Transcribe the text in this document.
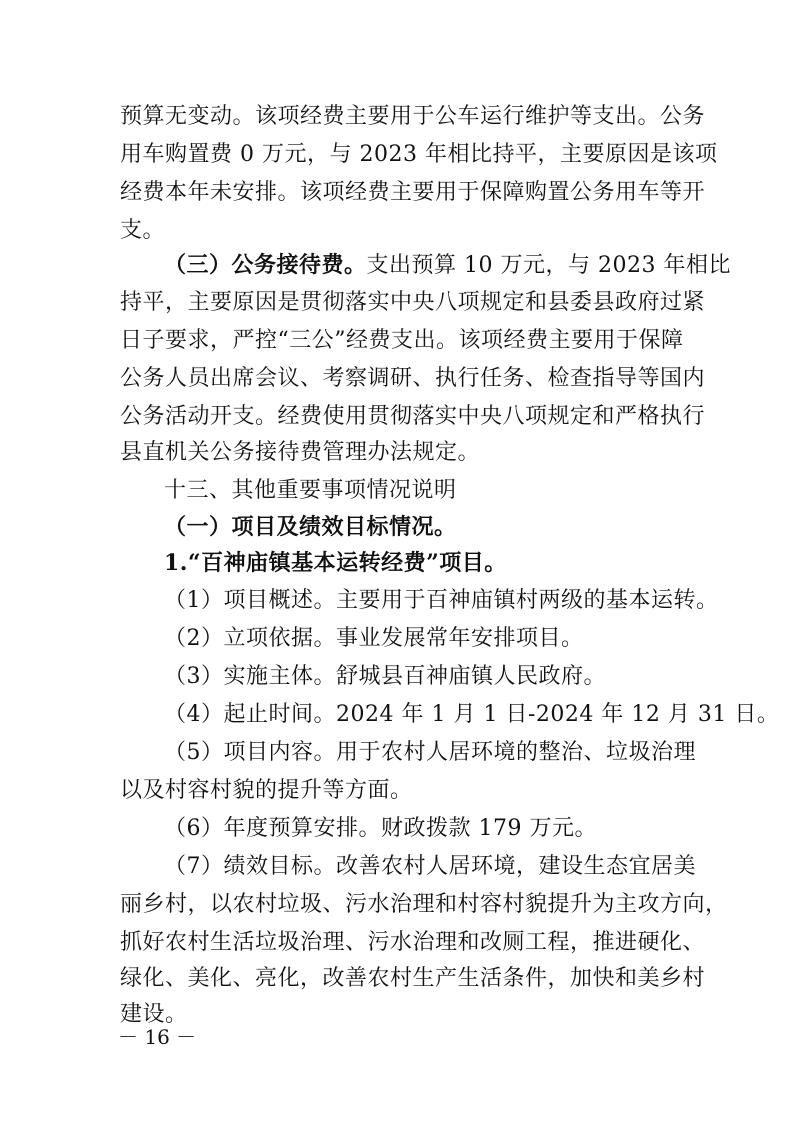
预算无变动。该项经费主要用于公车运行维护等支出。公务
用车购置费 0 万元，与 2023 年相比持平，主要原因是该项
经费本年未安排。该项经费主要用于保障购置公务用车等开
支。
（三）公务接待费。支出预算 10 万元，与 2023 年相比
持平，主要原因是贯彻落实中央八项规定和县委县政府过紧
日子要求，严控“三公”经费支出。该项经费主要用于保障
公务人员出席会议、考察调研、执行任务、检查指导等国内
公务活动开支。经费使用贯彻落实中央八项规定和严格执行
县直机关公务接待费管理办法规定。
十三、其他重要事项情况说明
（一）项目及绩效目标情况。
1.“百神庙镇基本运转经费”项目。
（1）项目概述。主要用于百神庙镇村两级的基本运转。
（2）立项依据。事业发展常年安排项目。
（3）实施主体。舒城县百神庙镇人民政府。
（4）起止时间。2024 年 1 月 1 日-2024 年 12 月 31 日。
（5）项目内容。用于农村人居环境的整治、垃圾治理
以及村容村貌的提升等方面。
（6）年度预算安排。财政拨款 179 万元。
（7）绩效目标。改善农村人居环境，建设生态宜居美
丽乡村，以农村垃圾、污水治理和村容村貌提升为主攻方向，
抓好农村生活垃圾治理、污水治理和改厕工程，推进硬化、
绿化、美化、亮化，改善农村生产生活条件，加快和美乡村
建设。
－ 16 －
